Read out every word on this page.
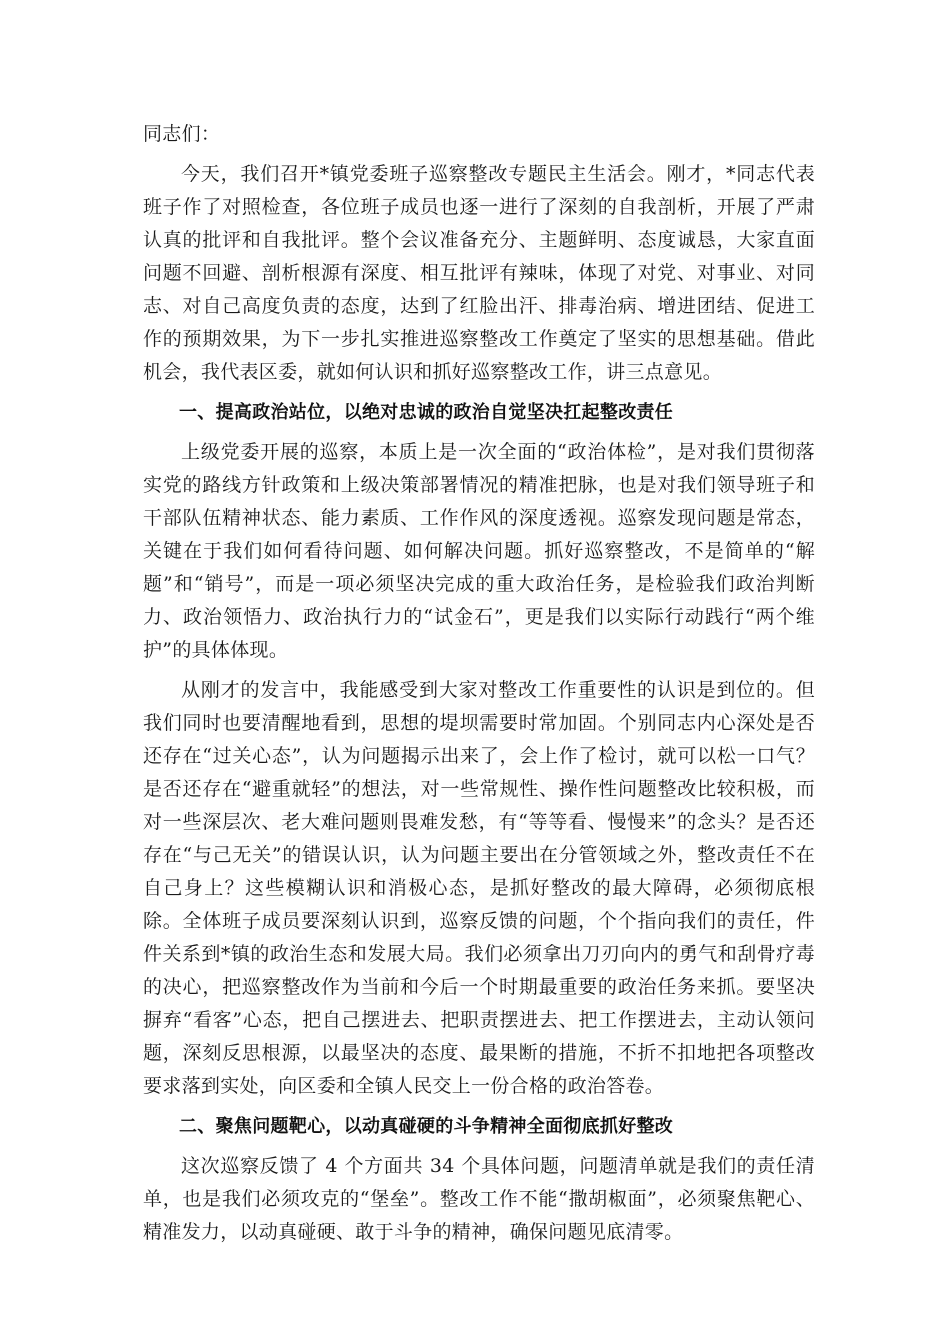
同志们：

今天，我们召开*镇党委班子巡察整改专题民主生活会。刚才，*同志代表班子作了对照检查，各位班子成员也逐一进行了深刻的自我剖析，开展了严肃认真的批评和自我批评。整个会议准备充分、主题鲜明、态度诚恳，大家直面问题不回避、剖析根源有深度、相互批评有辣味，体现了对党、对事业、对同志、对自己高度负责的态度，达到了红脸出汗、排毒治病、增进团结、促进工作的预期效果，为下一步扎实推进巡察整改工作奠定了坚实的思想基础。借此机会，我代表区委，就如何认识和抓好巡察整改工作，讲三点意见。

一、提高政治站位，以绝对忠诚的政治自觉坚决扛起整改责任

上级党委开展的巡察，本质上是一次全面的“政治体检”，是对我们贯彻落实党的路线方针政策和上级决策部署情况的精准把脉，也是对我们领导班子和干部队伍精神状态、能力素质、工作作风的深度透视。巡察发现问题是常态，关键在于我们如何看待问题、如何解决问题。抓好巡察整改，不是简单的“解题”和“销号”，而是一项必须坚决完成的重大政治任务，是检验我们政治判断力、政治领悟力、政治执行力的“试金石”，更是我们以实际行动践行“两个维护”的具体体现。

从刚才的发言中，我能感受到大家对整改工作重要性的认识是到位的。但我们同时也要清醒地看到，思想的堤坝需要时常加固。个别同志内心深处是否还存在“过关心态”，认为问题揭示出来了，会上作了检讨，就可以松一口气？是否还存在“避重就轻”的想法，对一些常规性、操作性问题整改比较积极，而对一些深层次、老大难问题则畏难发愁，有“等等看、慢慢来”的念头？是否还存在“与己无关”的错误认识，认为问题主要出在分管领域之外，整改责任不在自己身上？这些模糊认识和消极心态，是抓好整改的最大障碍，必须彻底根除。全体班子成员要深刻认识到，巡察反馈的问题，个个指向我们的责任，件件关系到*镇的政治生态和发展大局。我们必须拿出刀刃向内的勇气和刮骨疗毒的决心，把巡察整改作为当前和今后一个时期最重要的政治任务来抓。要坚决摒弃“看客”心态，把自己摆进去、把职责摆进去、把工作摆进去，主动认领问题，深刻反思根源，以最坚决的态度、最果断的措施，不折不扣地把各项整改要求落到实处，向区委和全镇人民交上一份合格的政治答卷。

二、聚焦问题靶心，以动真碰硬的斗争精神全面彻底抓好整改

这次巡察反馈了 4 个方面共 34 个具体问题，问题清单就是我们的责任清单，也是我们必须攻克的“堡垒”。整改工作不能“撒胡椒面”，必须聚焦靶心、精准发力，以动真碰硬、敢于斗争的精神，确保问题见底清零。
